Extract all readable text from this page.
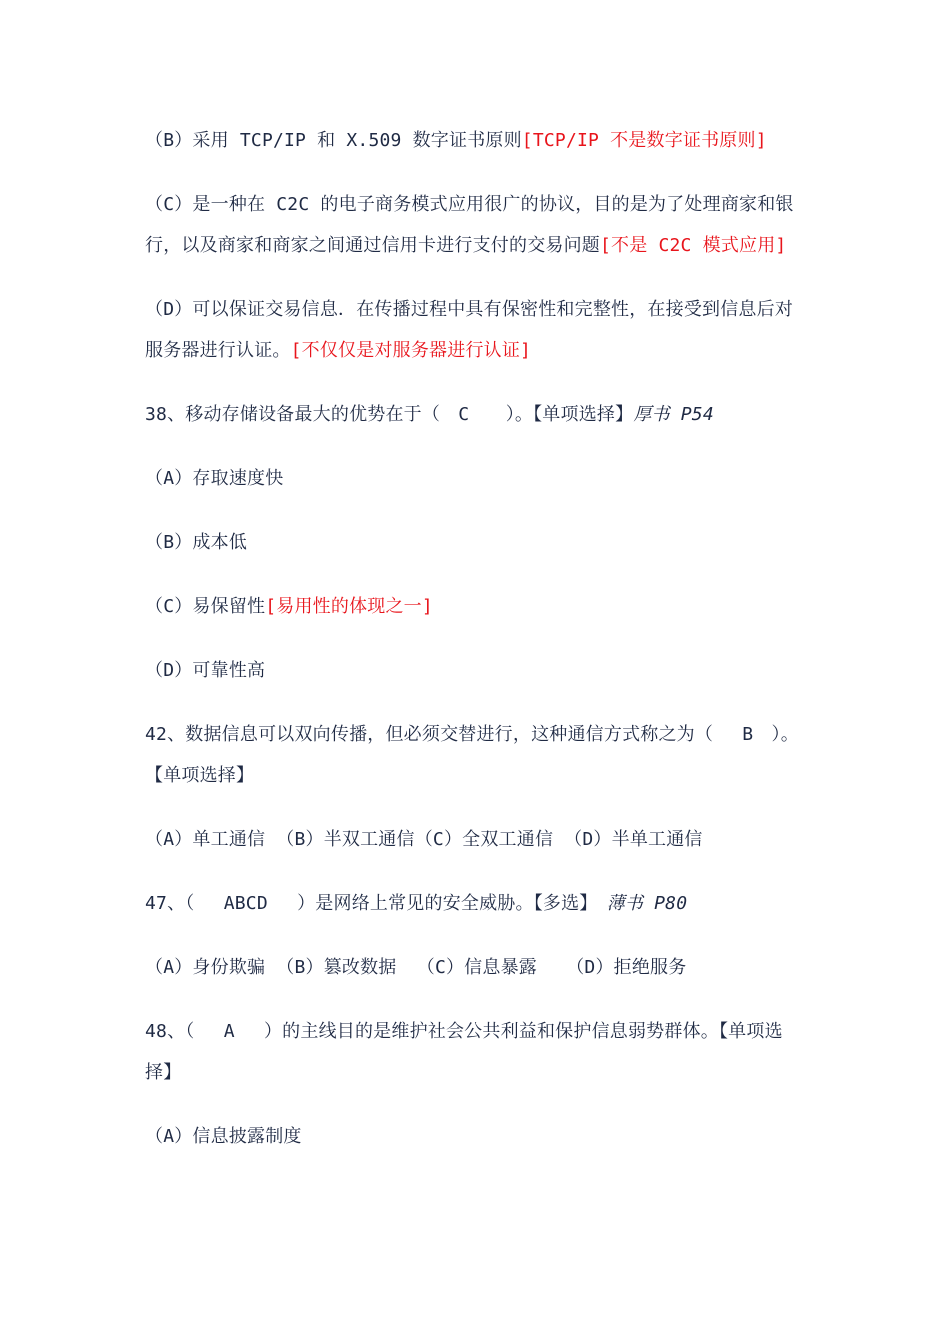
（B）采用 TCP/IP 和 X.509 数字证书原则[TCP/IP 不是数字证书原则]

（C）是一种在 C2C 的电子商务模式应用很广的协议，目的是为了处理商家和银行，以及商家和商家之间通过信用卡进行支付的交易问题[不是 C2C 模式应用]

（D）可以保证交易信息．在传播过程中具有保密性和完整性，在接受到信息后对服务器进行认证。[不仅仅是对服务器进行认证]

38、移动存储设备最大的优势在于（　C　　）。【单项选择】厚书 P54

（A）存取速度快

（B）成本低

（C）易保留性[易用性的体现之一]

（D）可靠性高

42、数据信息可以双向传播，但必须交替进行，这种通信方式称之为（　 B　）。【单项选择】

（A）单工通信 （B）半双工通信（C）全双工通信 （D）半单工通信

47、（　 ABCD　 ）是网络上常见的安全威胁。【多选】　薄书 P80

（A）身份欺骗 （B）篡改数据 　（C）信息暴露　 （D）拒绝服务

48、（　 A　 ）的主线目的是维护社会公共利益和保护信息弱势群体。【单项选择】

（A）信息披露制度
